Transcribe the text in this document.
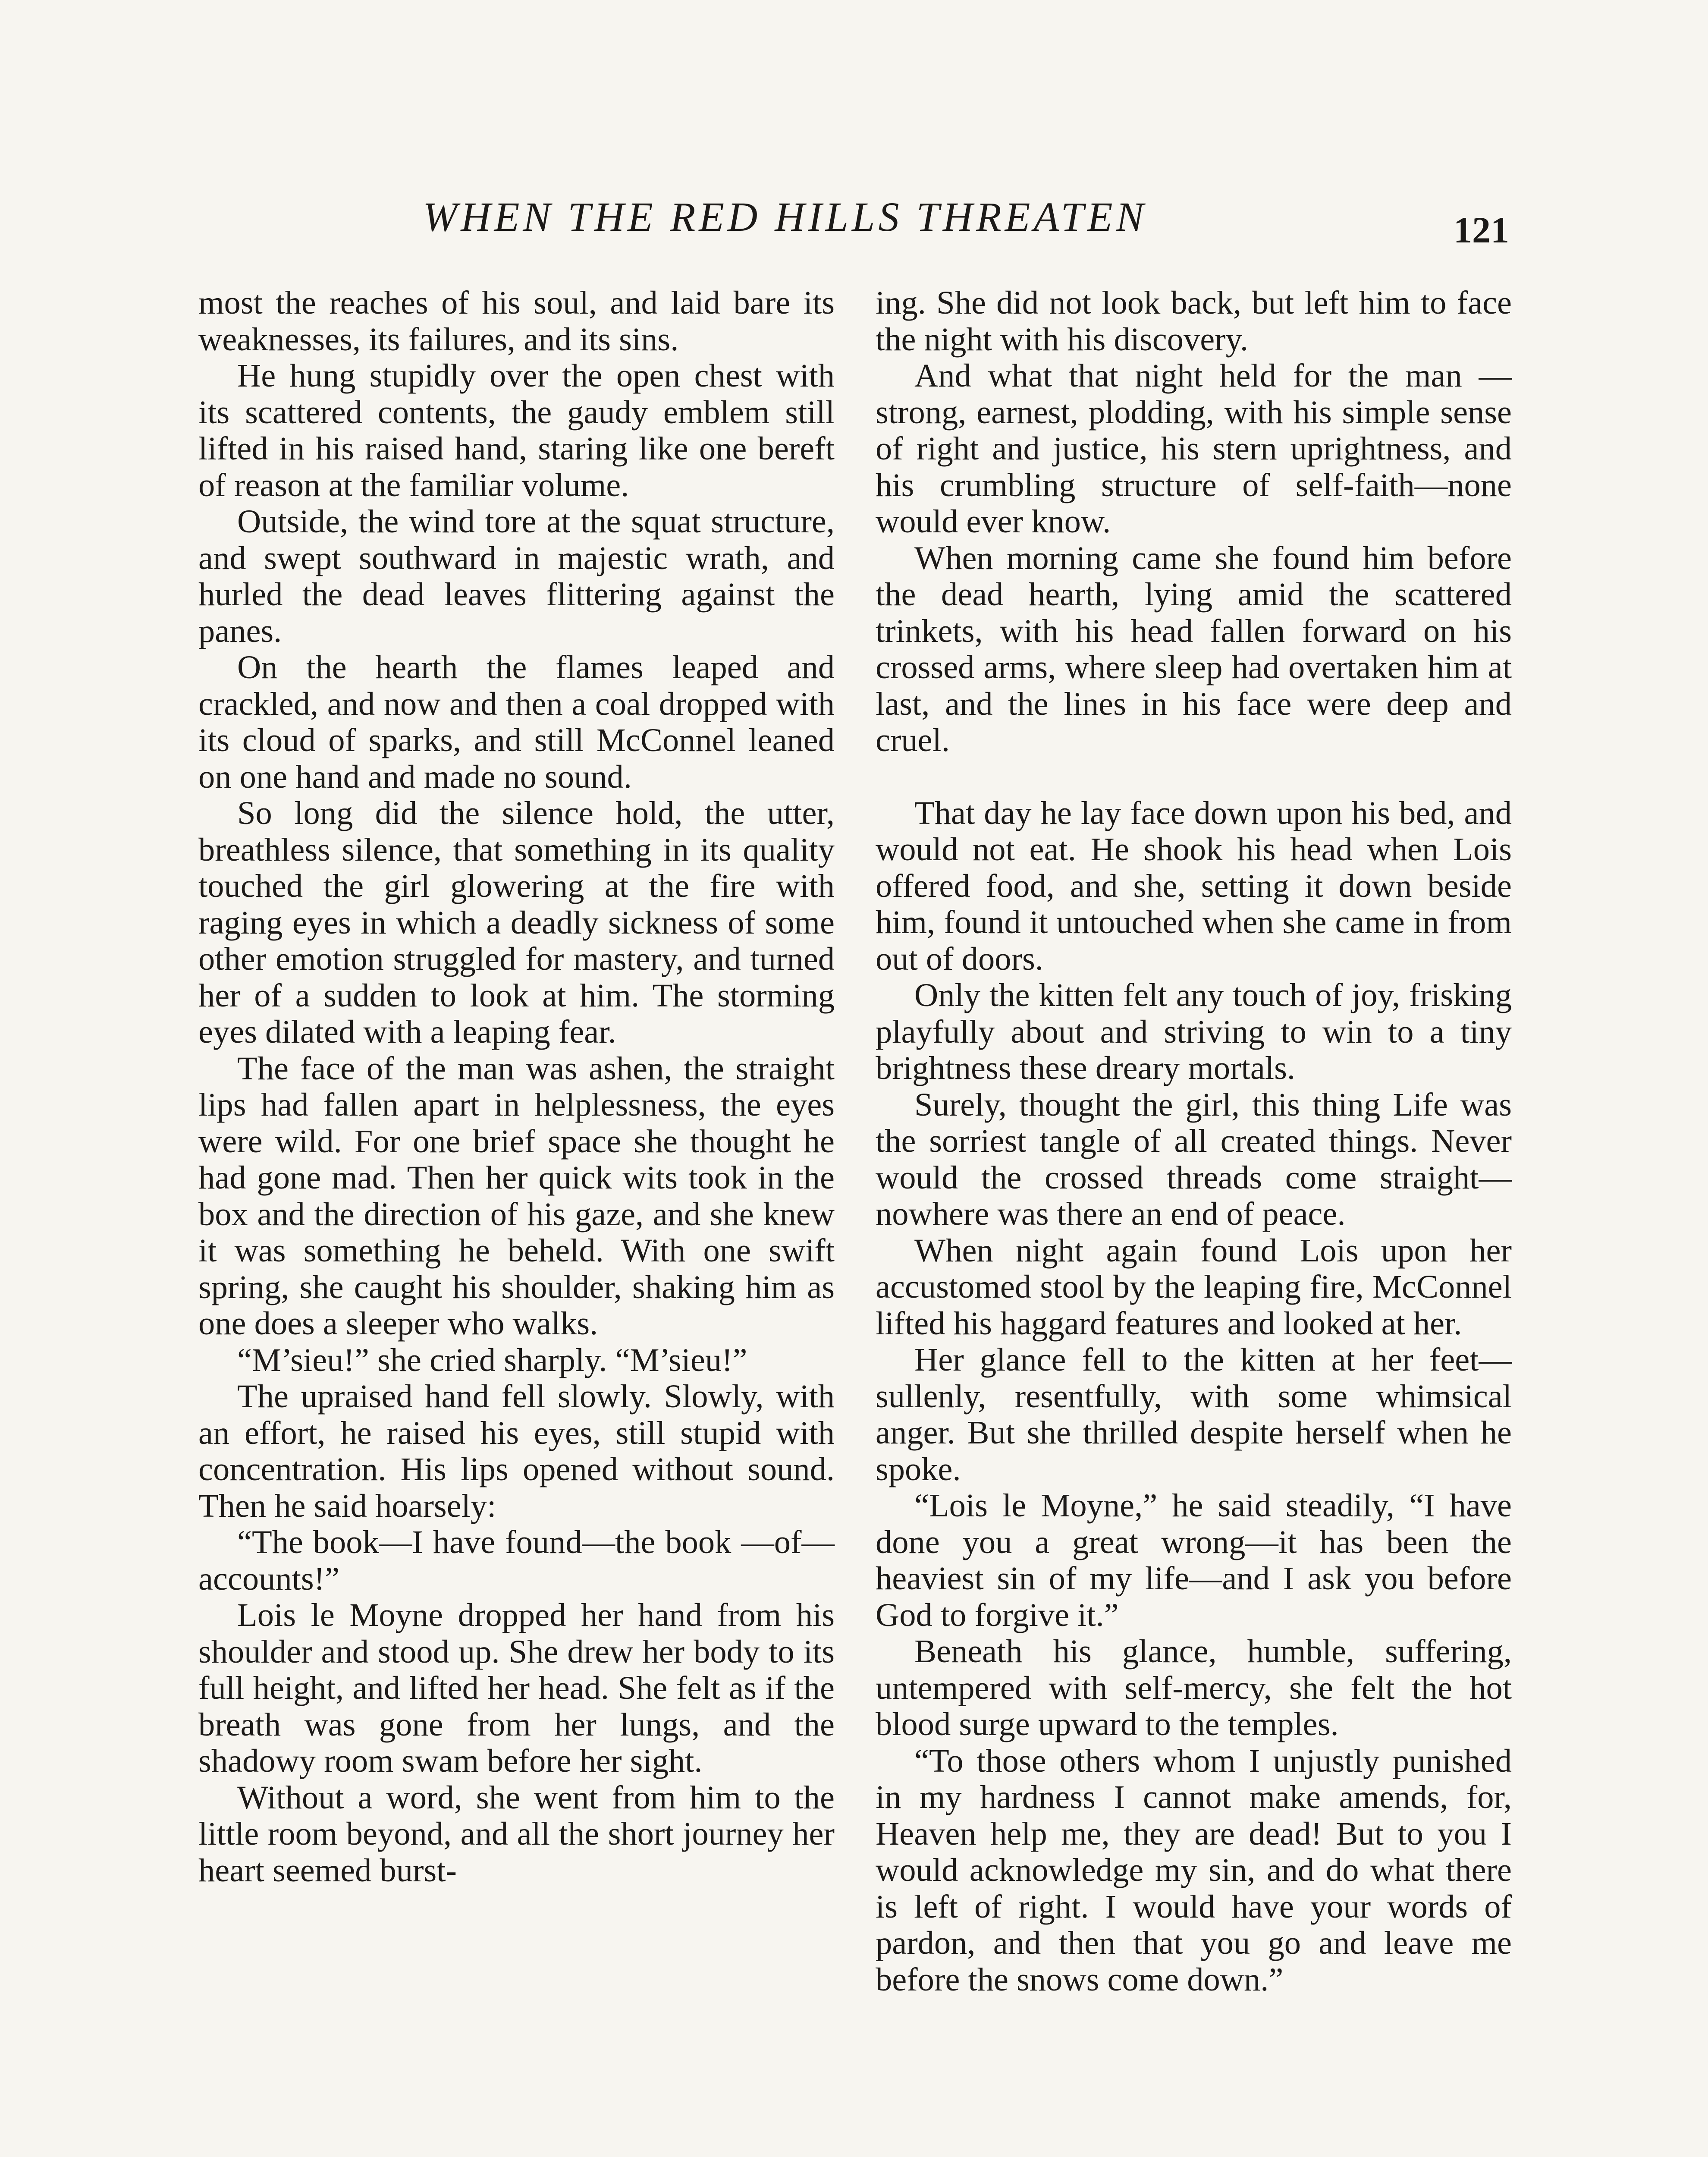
WHEN THE RED HILLS THREATEN	121

most the reaches of his soul, and laid bare its weaknesses, its failures, and its sins.

He hung stupidly over the open chest with its scattered contents, the gaudy emblem still lifted in his raised hand, staring like one bereft of reason at the familiar volume.

Outside, the wind tore at the squat structure, and swept southward in majestic wrath, and hurled the dead leaves flittering against the panes.

On the hearth the flames leaped and crackled, and now and then a coal dropped with its cloud of sparks, and still McConnel leaned on one hand and made no sound.

So long did the silence hold, the utter, breathless silence, that something in its quality touched the girl glowering at the fire with raging eyes in which a deadly sickness of some other emotion struggled for mastery, and turned her of a sudden to look at him. The storming eyes dilated with a leaping fear.

The face of the man was ashen, the straight lips had fallen apart in helplessness, the eyes were wild. For one brief space she thought he had gone mad. Then her quick wits took in the box and the direction of his gaze, and she knew it was something he beheld. With one swift spring, she caught his shoulder, shaking him as one does a sleeper who walks.

“M’sieu!” she cried sharply. “M’sieu!”

The upraised hand fell slowly. Slowly, with an effort, he raised his eyes, still stupid with concentration. His lips opened without sound. Then he said hoarsely:

“The book—I have found—the book —of—accounts!”

Lois le Moyne dropped her hand from his shoulder and stood up. She drew her body to its full height, and lifted her head. She felt as if the breath was gone from her lungs, and the shadowy room swam before her sight.

Without a word, she went from him to the little room beyond, and all the short journey her heart seemed burst-

ing. She did not look back, but left him to face the night with his discovery.

And what that night held for the man —strong, earnest, plodding, with his simple sense of right and justice, his stern uprightness, and his crumbling structure of self-faith—none would ever know.

When morning came she found him before the dead hearth, lying amid the scattered trinkets, with his head fallen forward on his crossed arms, where sleep had overtaken him at last, and the lines in his face were deep and cruel.

That day he lay face down upon his bed, and would not eat. He shook his head when Lois offered food, and she, setting it down beside him, found it untouched when she came in from out of doors.

Only the kitten felt any touch of joy, frisking playfully about and striving to win to a tiny brightness these dreary mortals.

Surely, thought the girl, this thing Life was the sorriest tangle of all created things. Never would the crossed threads come straight—nowhere was there an end of peace.

When night again found Lois upon her accustomed stool by the leaping fire, McConnel lifted his haggard features and looked at her.

Her glance fell to the kitten at her feet—sullenly, resentfully, with some whimsical anger. But she thrilled despite herself when he spoke.

“Lois le Moyne,” he said steadily, “I have done you a great wrong—it has been the heaviest sin of my life—and I ask you before God to forgive it.”

Beneath his glance, humble, suffering, untempered with self-mercy, she felt the hot blood surge upward to the temples.

“To those others whom I unjustly punished in my hardness I cannot make amends, for, Heaven help me, they are dead! But to you I would acknowledge my sin, and do what there is left of right. I would have your words of pardon, and then that you go and leave me before the snows come down.”
